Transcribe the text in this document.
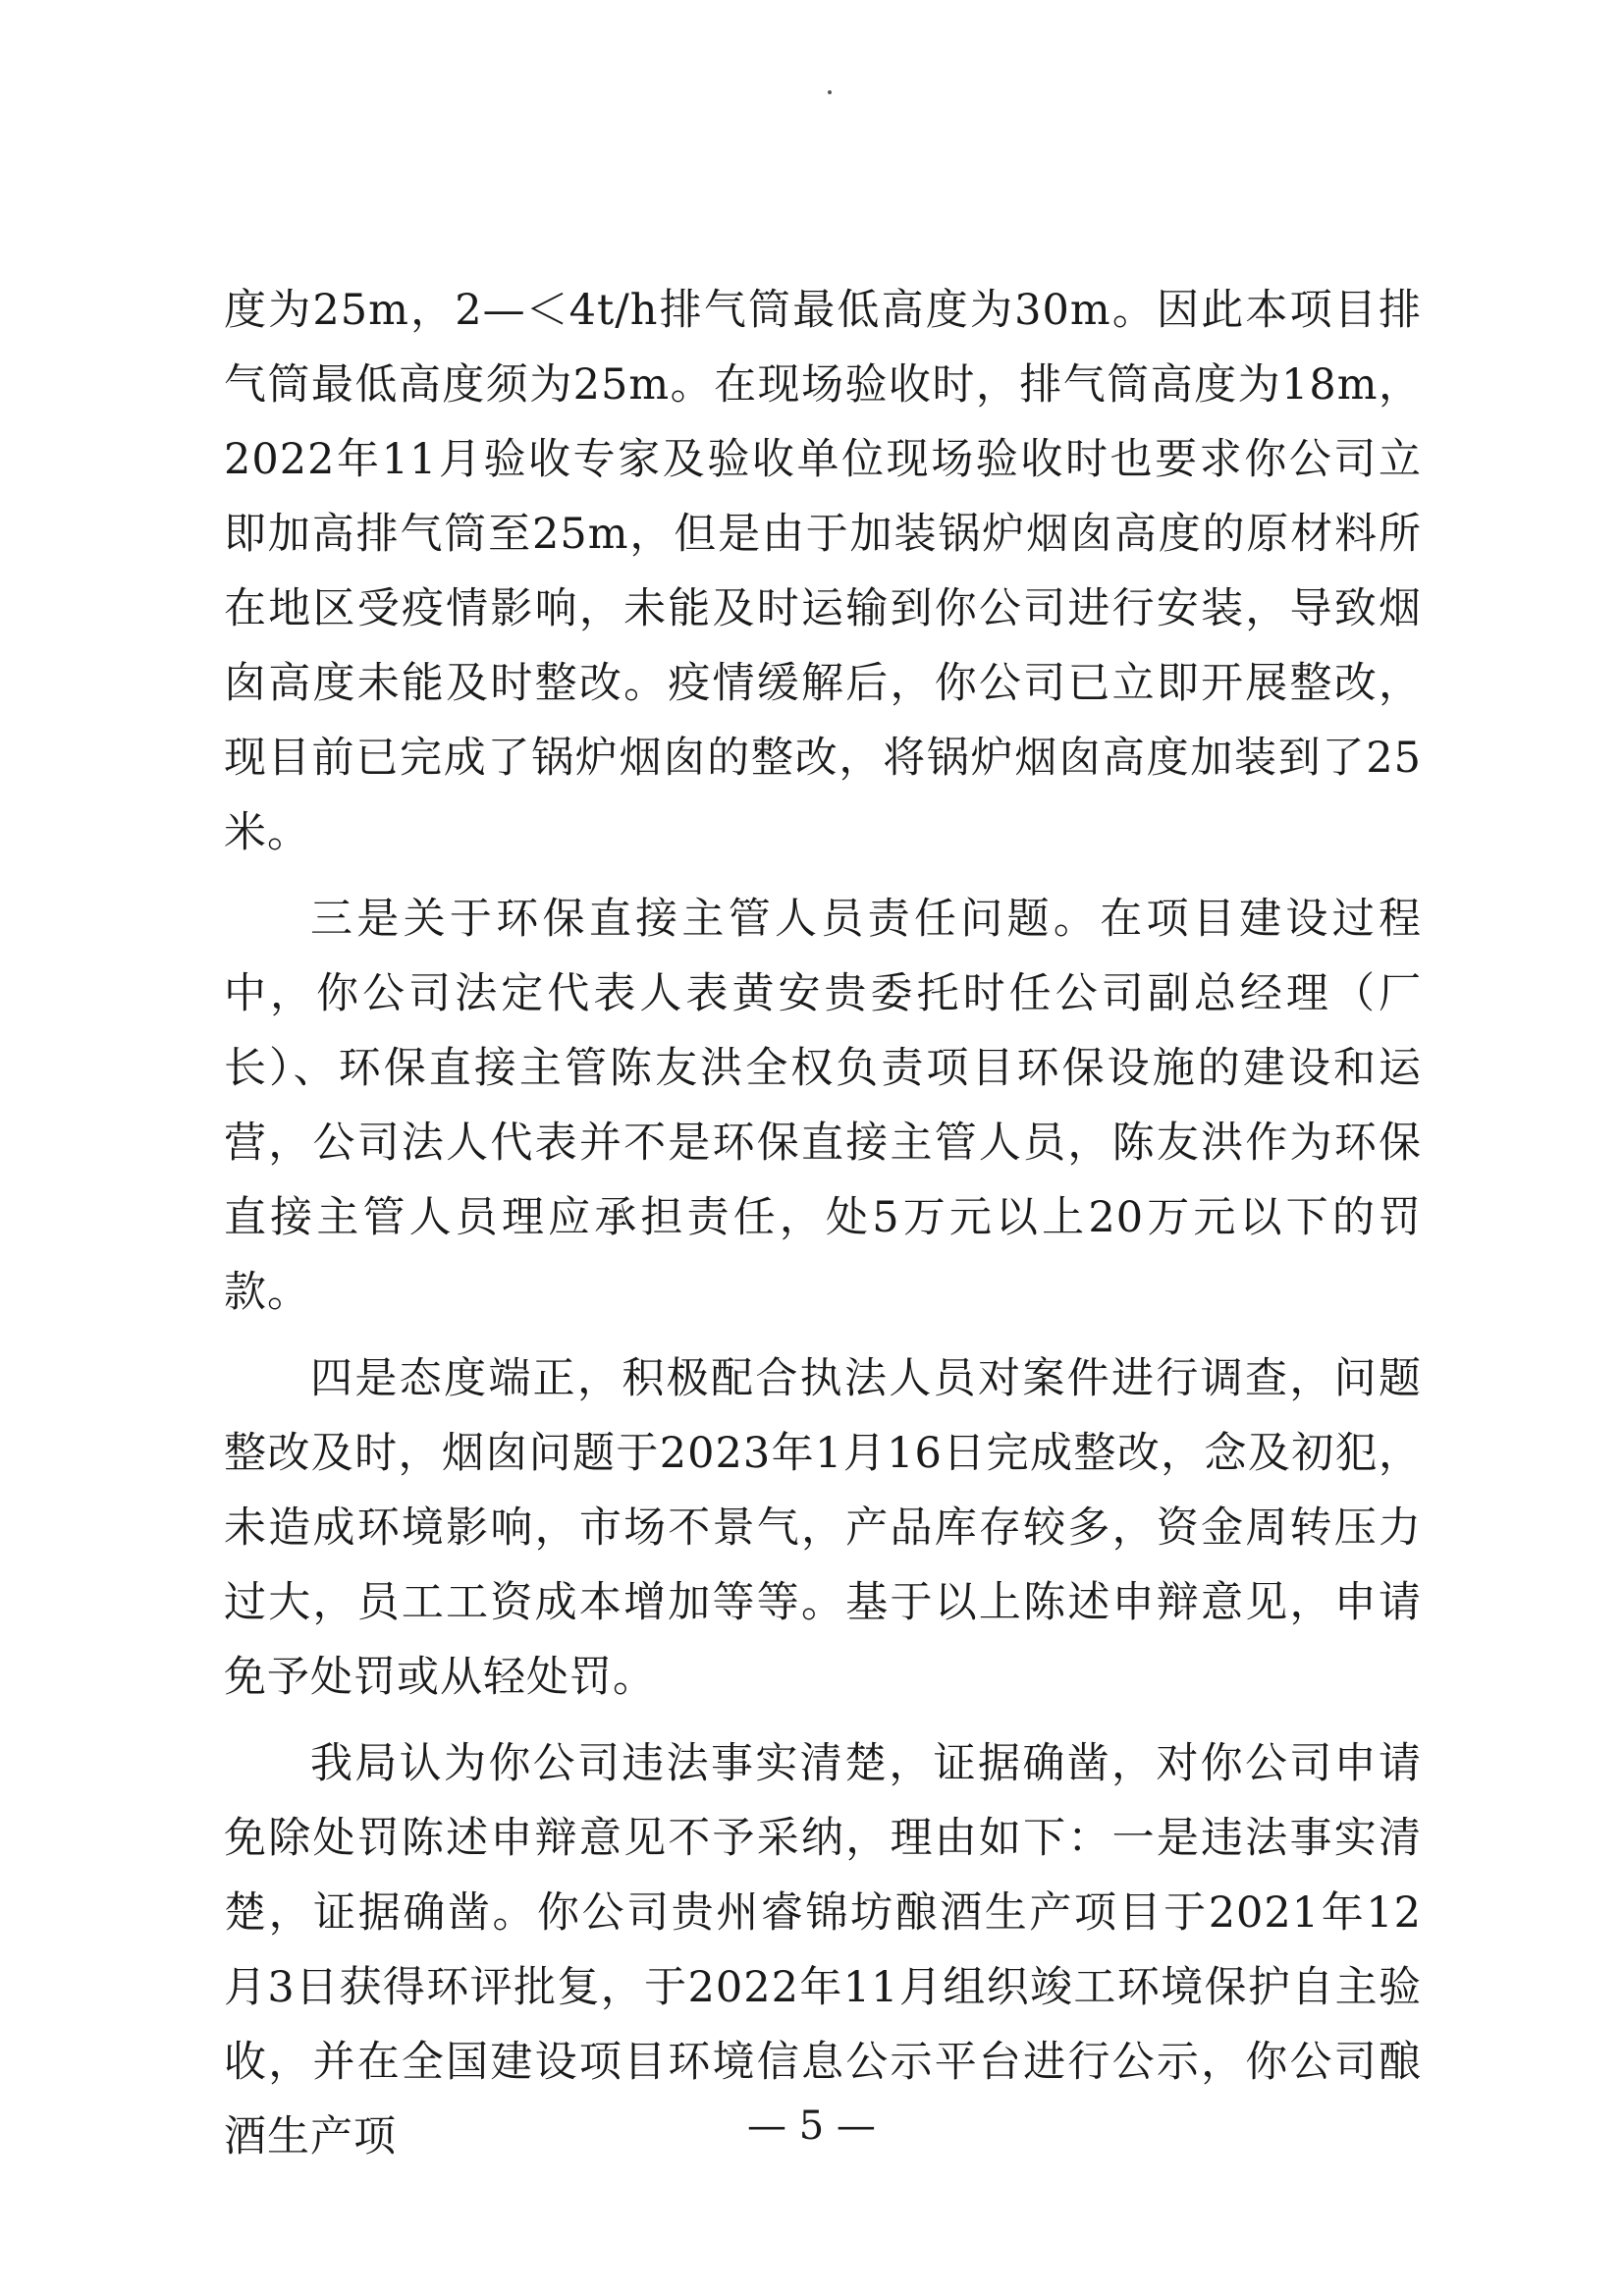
度为25m，2—＜4t/h排气筒最低高度为30m。因此本项目排气筒最低高度须为25m。在现场验收时，排气筒高度为18m，2022年11月验收专家及验收单位现场验收时也要求你公司立即加高排气筒至25m，但是由于加装锅炉烟囱高度的原材料所在地区受疫情影响，未能及时运输到你公司进行安装，导致烟囱高度未能及时整改。疫情缓解后，你公司已立即开展整改，现目前已完成了锅炉烟囱的整改，将锅炉烟囱高度加装到了25米。

三是关于环保直接主管人员责任问题。在项目建设过程中，你公司法定代表人表黄安贵委托时任公司副总经理（厂长）、环保直接主管陈友洪全权负责项目环保设施的建设和运营，公司法人代表并不是环保直接主管人员，陈友洪作为环保直接主管人员理应承担责任，处5万元以上20万元以下的罚款。

四是态度端正，积极配合执法人员对案件进行调查，问题整改及时，烟囱问题于2023年1月16日完成整改，念及初犯，未造成环境影响，市场不景气，产品库存较多，资金周转压力过大，员工工资成本增加等等。基于以上陈述申辩意见，申请免予处罚或从轻处罚。

我局认为你公司违法事实清楚，证据确凿，对你公司申请免除处罚陈述申辩意见不予采纳，理由如下：一是违法事实清楚，证据确凿。你公司贵州睿锦坊酿酒生产项目于2021年12月3日获得环评批复，于2022年11月组织竣工环境保护自主验收，并在全国建设项目环境信息公示平台进行公示，你公司酿酒生产项	— 5 —
